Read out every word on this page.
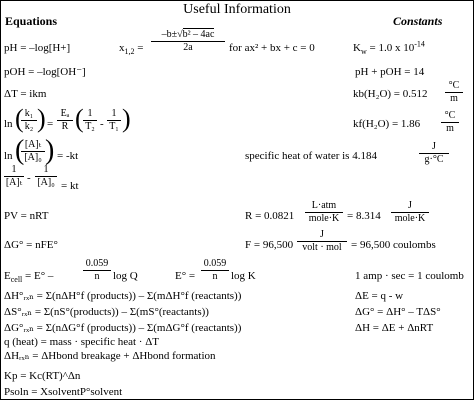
Useful Information
Equations	Constants
pH = –log[H+]	$x_{1,2}$ =
–b±√b² – 4ac
2a	for ax² + bx + c = 0	$K_w = 1.0$ x $10^{-14}$
pOH = –log[OH⁻]	pH + pOH = 14
ΔT = ikm	kb(H₂O) = 0.512
°C
m
ln ( k₁
k₂ ) =
Eₐ
R ( 1
T₂ -
1
T₁ )	kf(H₂O) = 1.86
°C
m
ln ( [A]ₜ
[A]₀ ) = -kt	specific heat of water is 4.184
J
g·°C
1
[A]ₜ -
1
[A]₀ = kt
PV = nRT	R = 0.0821
L·atm
mole·K = 8.314
J
mole·K
ΔG° = nFE°	F = 96,500
J
volt · mol = 96,500 coulombs
$E_{cell} = E^\circ$ –
0.059
n	log Q	E° =
0.059
n	log K	1 amp · sec = 1 coulomb
ΔH°ᵣₓₙ = Σ(nΔH°f (products)) – Σ(mΔH°f (reactants))	ΔE = q - w
ΔS°ᵣₓₙ = Σ(nS°(products)) – Σ(mS°(reactants))	ΔG° = ΔH° – TΔS°
ΔG°ᵣₓₙ = Σ(nΔG°f (products)) – Σ(mΔG°f (reactants))	ΔH = ΔE + ΔnRT
q (heat) = mass · specific heat · ΔT
ΔHᵣₓₙ = ΔHbond breakage + ΔHbond formation
Kp = Kc(RT)^Δn
Psoln = XsolventP°solvent
